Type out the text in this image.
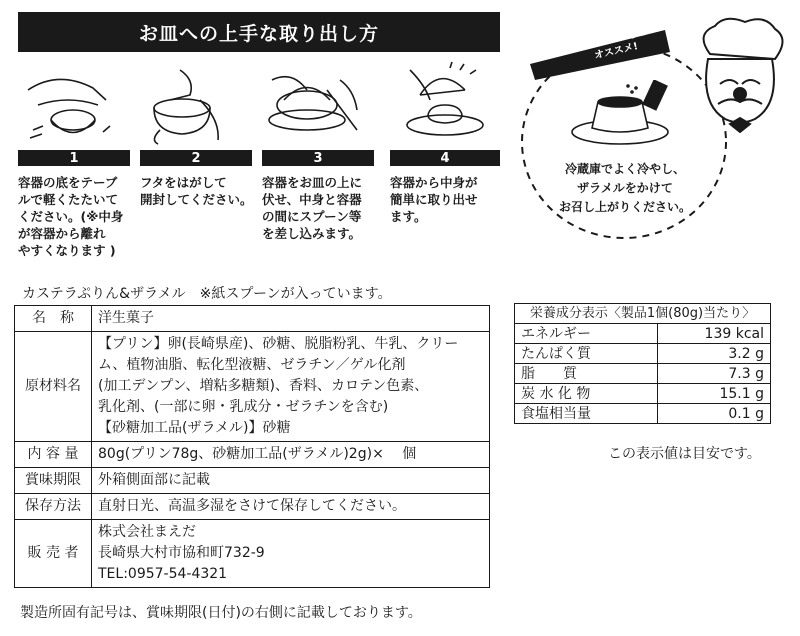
お皿への上手な取り出し方
1	2	3	4
容器の底をテーブ
ルで軽くたたいて
ください。(※中身
が容器から離れ
やすくなります )
フタをはがして
開封してください。
容器をお皿の上に
伏せ、中身と容器
の間にスプーン等
を差し込みます。
容器から中身が
簡単に取り出せ
ます。
ムッシュからの
オススメ!
冷蔵庫でよく冷やし、
ザラメルをかけて
お召し上がりください。
カステラぷりん&ザラメル　※紙スプーンが入っています。
名　称	洋生菓子
原材料名	【プリン】卵(長崎県産)、砂糖、脱脂粉乳、牛乳、クリー
ム、植物油脂、転化型液糖、ゼラチン／ゲル化剤
(加工デンプン、増粘多糖類)、香料、カロテン色素、
乳化剤、(一部に卵・乳成分・ゼラチンを含む)
【砂糖加工品(ザラメル)】砂糖
内 容 量	80g(プリン78g、砂糖加工品(ザラメル)2g)×　 個
賞味期限	外箱側面部に記載
保存方法	直射日光、高温多湿をさけて保存してください。
販 売 者	株式会社まえだ
長崎県大村市協和町732-9
TEL:0957-54-4321
栄養成分表示〈製品1個(80g)当たり〉	
エネルギー	139 kcal
たんぱく質	3.2 g
脂　　質	7.3 g
炭 水 化 物	15.1 g
食塩相当量	0.1 g
この表示値は目安です。
製造所固有記号は、賞味期限(日付)の右側に記載しております。
